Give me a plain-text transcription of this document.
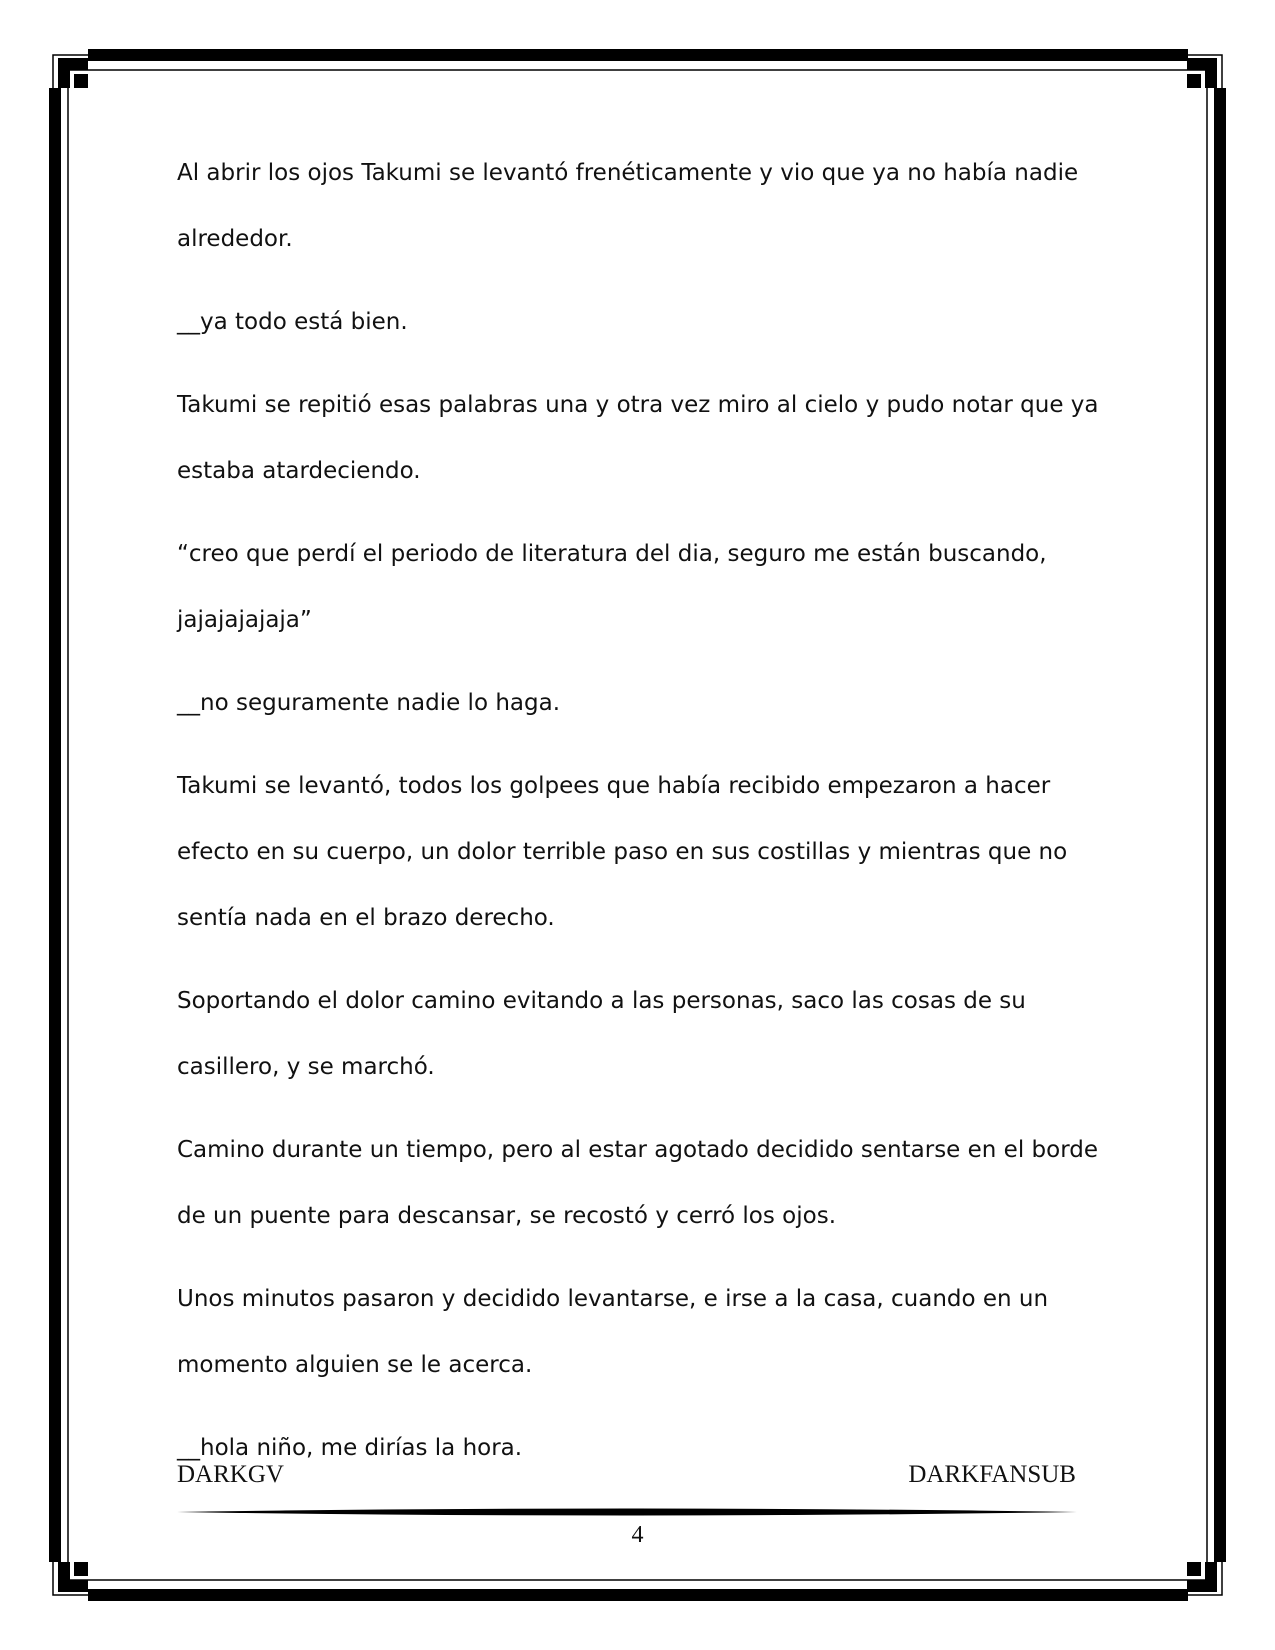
Al abrir los ojos Takumi se levantó frenéticamente y vio que ya no había nadie alrededor.

__ya todo está bien.

Takumi se repitió esas palabras una y otra vez miro al cielo y pudo notar que ya estaba atardeciendo.

“creo que perdí el periodo de literatura del dia, seguro me están buscando, jajajajajaja”

__no seguramente nadie lo haga.

Takumi se levantó, todos los golpees que había recibido empezaron a hacer efecto en su cuerpo, un dolor terrible paso en sus costillas y mientras que no sentía nada en el brazo derecho.

Soportando el dolor camino evitando a las personas, saco las cosas de su casillero, y se marchó.

Camino durante un tiempo, pero al estar agotado decidido sentarse en el borde de un puente para descansar, se recostó y cerró los ojos.

Unos minutos pasaron y decidido levantarse, e irse a la casa, cuando en un momento alguien se le acerca.

__hola niño, me dirías la hora.

DARKGV	DARKFANSUB
4
